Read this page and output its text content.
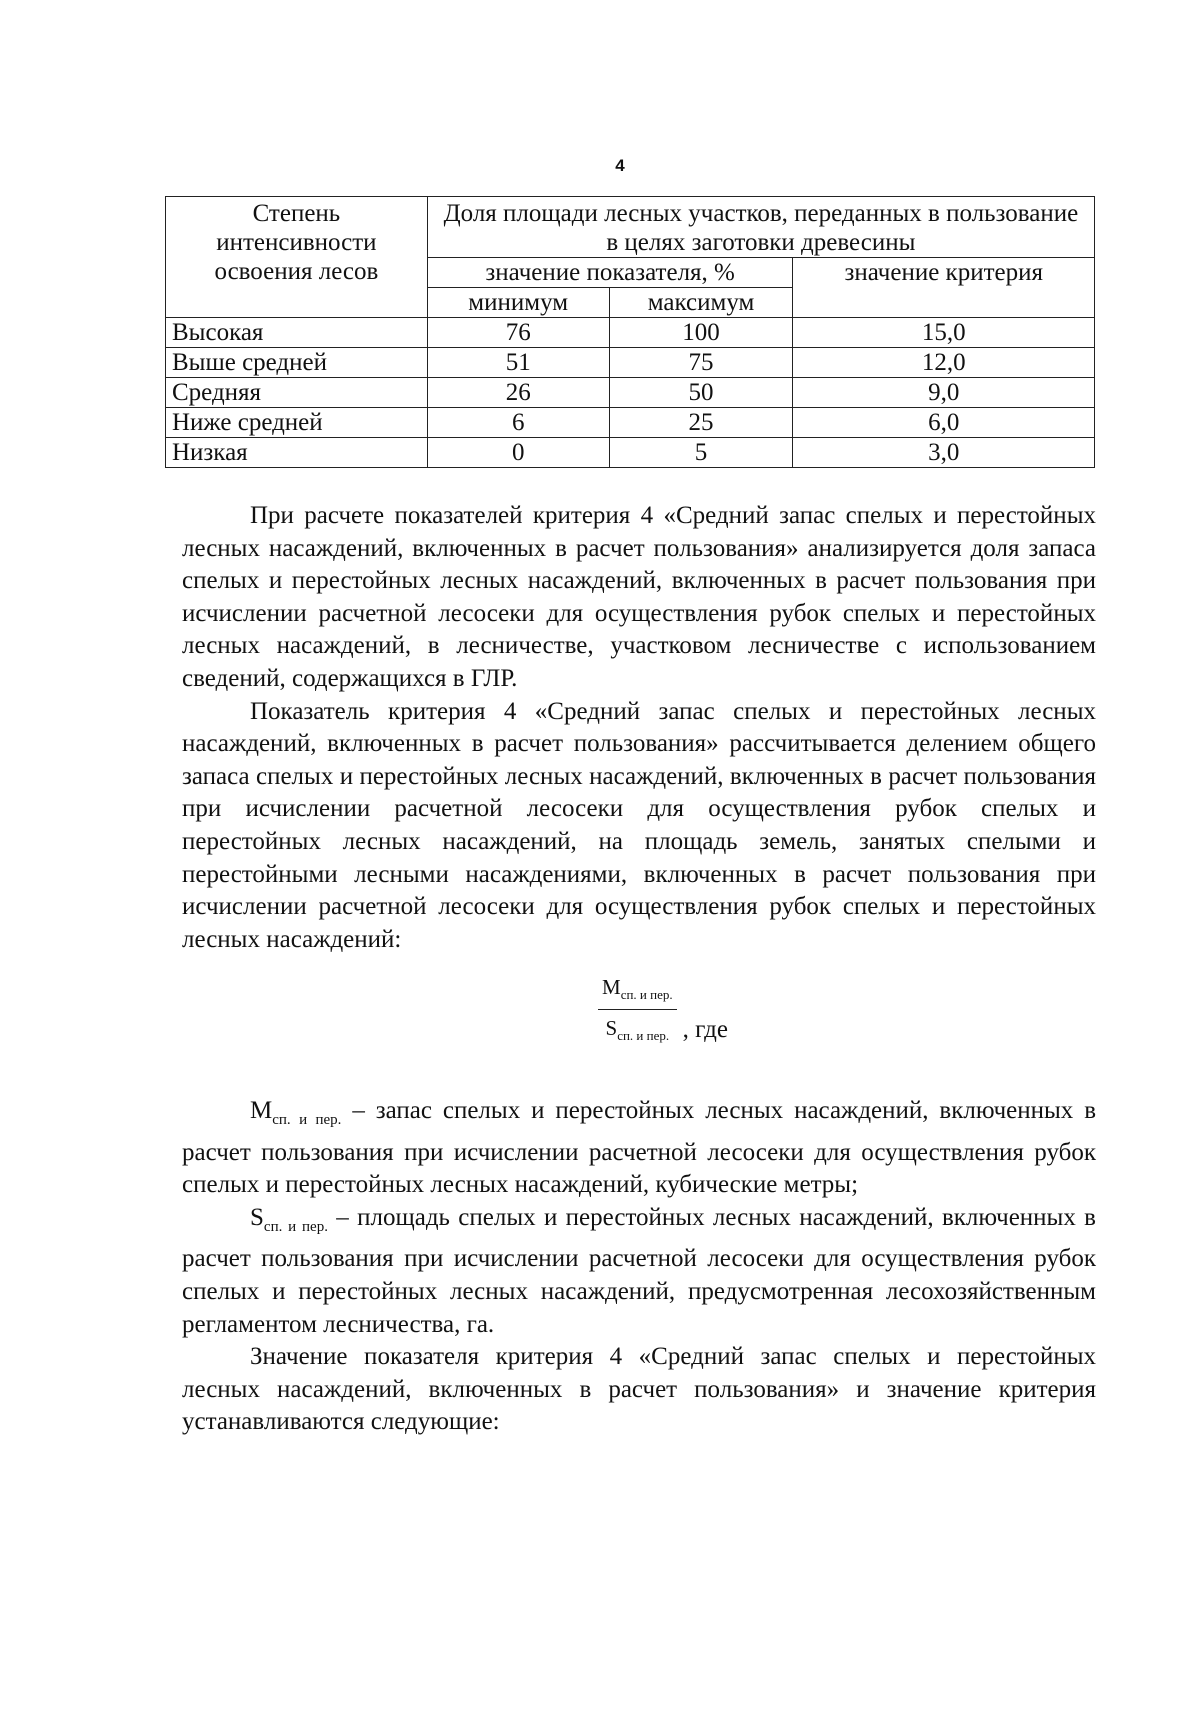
4
Степень интенсивности освоения лесов	Доля площади лесных участков, переданных в пользование в целях заготовки древесины		
	значение показателя, %		значение критерия
	минимум	максимум	
Высокая	76	100	15,0
Выше средней	51	75	12,0
Средняя	26	50	9,0
Ниже средней	6	25	6,0
Низкая	0	5	3,0

При расчете показателей критерия 4 «Средний запас спелых и перестойных лесных насаждений, включенных в расчет пользования» анализируется доля запаса спелых и перестойных лесных насаждений, включенных в расчет пользования при исчислении расчетной лесосеки для осуществления рубок спелых и перестойных лесных насаждений, в лесничестве, участковом лесничестве с использованием сведений, содержащихся в ГЛР.

Показатель критерия 4 «Средний запас спелых и перестойных лесных насаждений, включенных в расчет пользования» рассчитывается делением общего запаса спелых и перестойных лесных насаждений, включенных в расчет пользования при исчислении расчетной лесосеки для осуществления рубок спелых и перестойных лесных насаждений, на площадь земель, занятых спелыми и перестойными лесными насаждениями, включенных в расчет пользования при исчислении расчетной лесосеки для осуществления рубок спелых и перестойных лесных насаждений:

$\frac{M_{сп. и пер.}}{S_{сп. и пер.}}$ , где

$M_{сп. и пер.}$ – запас спелых и перестойных лесных насаждений, включенных в расчет пользования при исчислении расчетной лесосеки для осуществления рубок спелых и перестойных лесных насаждений, кубические метры;

$S_{сп. и пер.}$ – площадь спелых и перестойных лесных насаждений, включенных в расчет пользования при исчислении расчетной лесосеки для осуществления рубок спелых и перестойных лесных насаждений, предусмотренная лесохозяйственным регламентом лесничества, га.

Значение показателя критерия 4 «Средний запас спелых и перестойных лесных насаждений, включенных в расчет пользования» и значение критерия устанавливаются следующие:
